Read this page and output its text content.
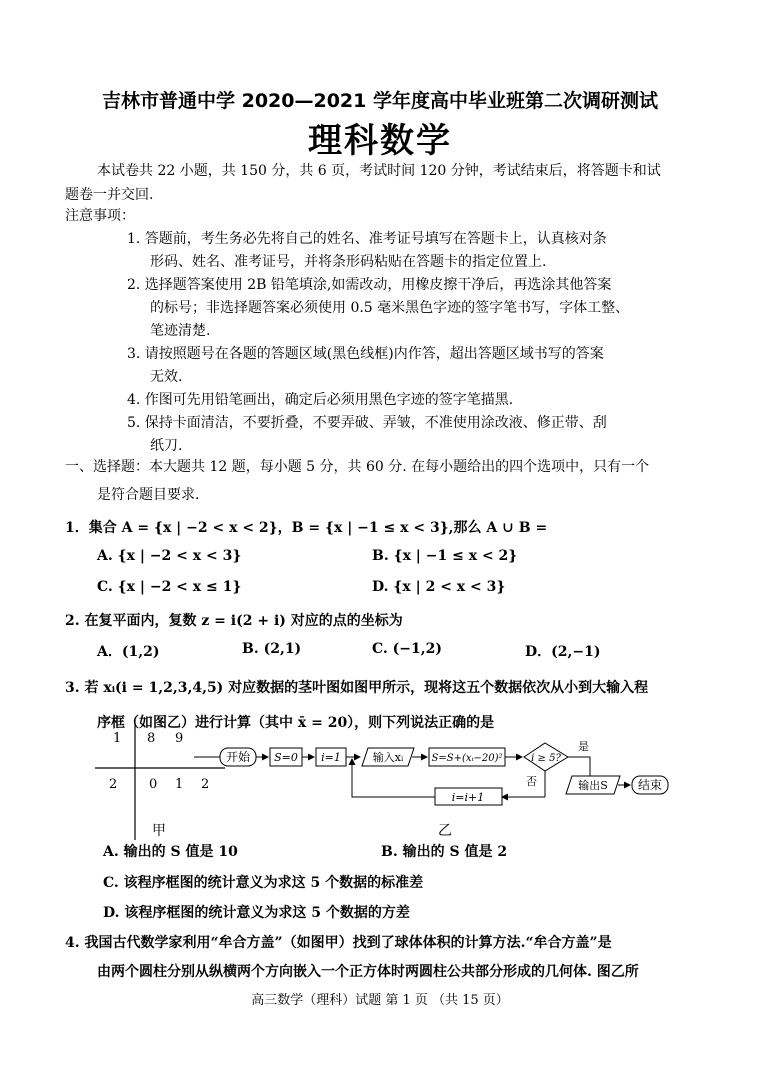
吉林市普通中学 2020—2021 学年度高中毕业班第二次调研测试
理科数学
本试卷共 22 小题，共 150 分，共 6 页，考试时间 120 分钟，考试结束后，将答题卡和试
题卷一并交回.
注意事项：
1. 答题前，考生务必先将自己的姓名、准考证号填写在答题卡上，认真核对条
形码、姓名、准考证号，并将条形码粘贴在答题卡的指定位置上.
2. 选择题答案使用 2B 铅笔填涂,如需改动，用橡皮擦干净后，再选涂其他答案
的标号；非选择题答案必须使用 0.5 毫米黑色字迹的签字笔书写，字体工整、
笔迹清楚.
3. 请按照题号在各题的答题区域(黑色线框)内作答，超出答题区域书写的答案
无效.
4. 作图可先用铅笔画出，确定后必须用黑色字迹的签字笔描黑.
5. 保持卡面清洁，不要折叠，不要弄破、弄皱，不准使用涂改液、修正带、刮
纸刀.
一、选择题：本大题共 12 题，每小题 5 分，共 60 分. 在每小题给出的四个选项中，只有一个
是符合题目要求.
1．集合 A = {x | −2 < x < 2}，B = {x | −1 ≤ x < 3},那么 A ∪ B =
A. {x | −2 < x < 3}	B. {x | −1 ≤ x < 2}
C. {x | −2 < x ≤ 1}	D. {x | 2 < x < 3}
2. 在复平面内，复数 z = i(2 + i) 对应的点的坐标为
A．(1,2)	B. (2,1)	C. (−1,2)	D．(2,−1)
3. 若 xᵢ(i = 1,2,3,4,5) 对应数据的茎叶图如图甲所示，现将这五个数据依次从小到大输入程
序框（如图乙）进行计算（其中 x̄ = 20），则下列说法正确的是
1 8 9
2 0 1 2
甲
开始 S=0 i=1	输入xᵢ	S=S+(xᵢ−20)²	i ≥ 5?
是
否
i=i+1
输出S	结束
乙
A. 输出的 S 值是 10	B. 输出的 S 值是 2
C. 该程序框图的统计意义为求这 5 个数据的标准差
D. 该程序框图的统计意义为求这 5 个数据的方差
4. 我国古代数学家利用“牟合方盖”（如图甲）找到了球体体积的计算方法.“牟合方盖”是
由两个圆柱分别从纵横两个方向嵌入一个正方体时两圆柱公共部分形成的几何体. 图乙所
高三数学（理科）试题 第 1 页 （共 15 页）
